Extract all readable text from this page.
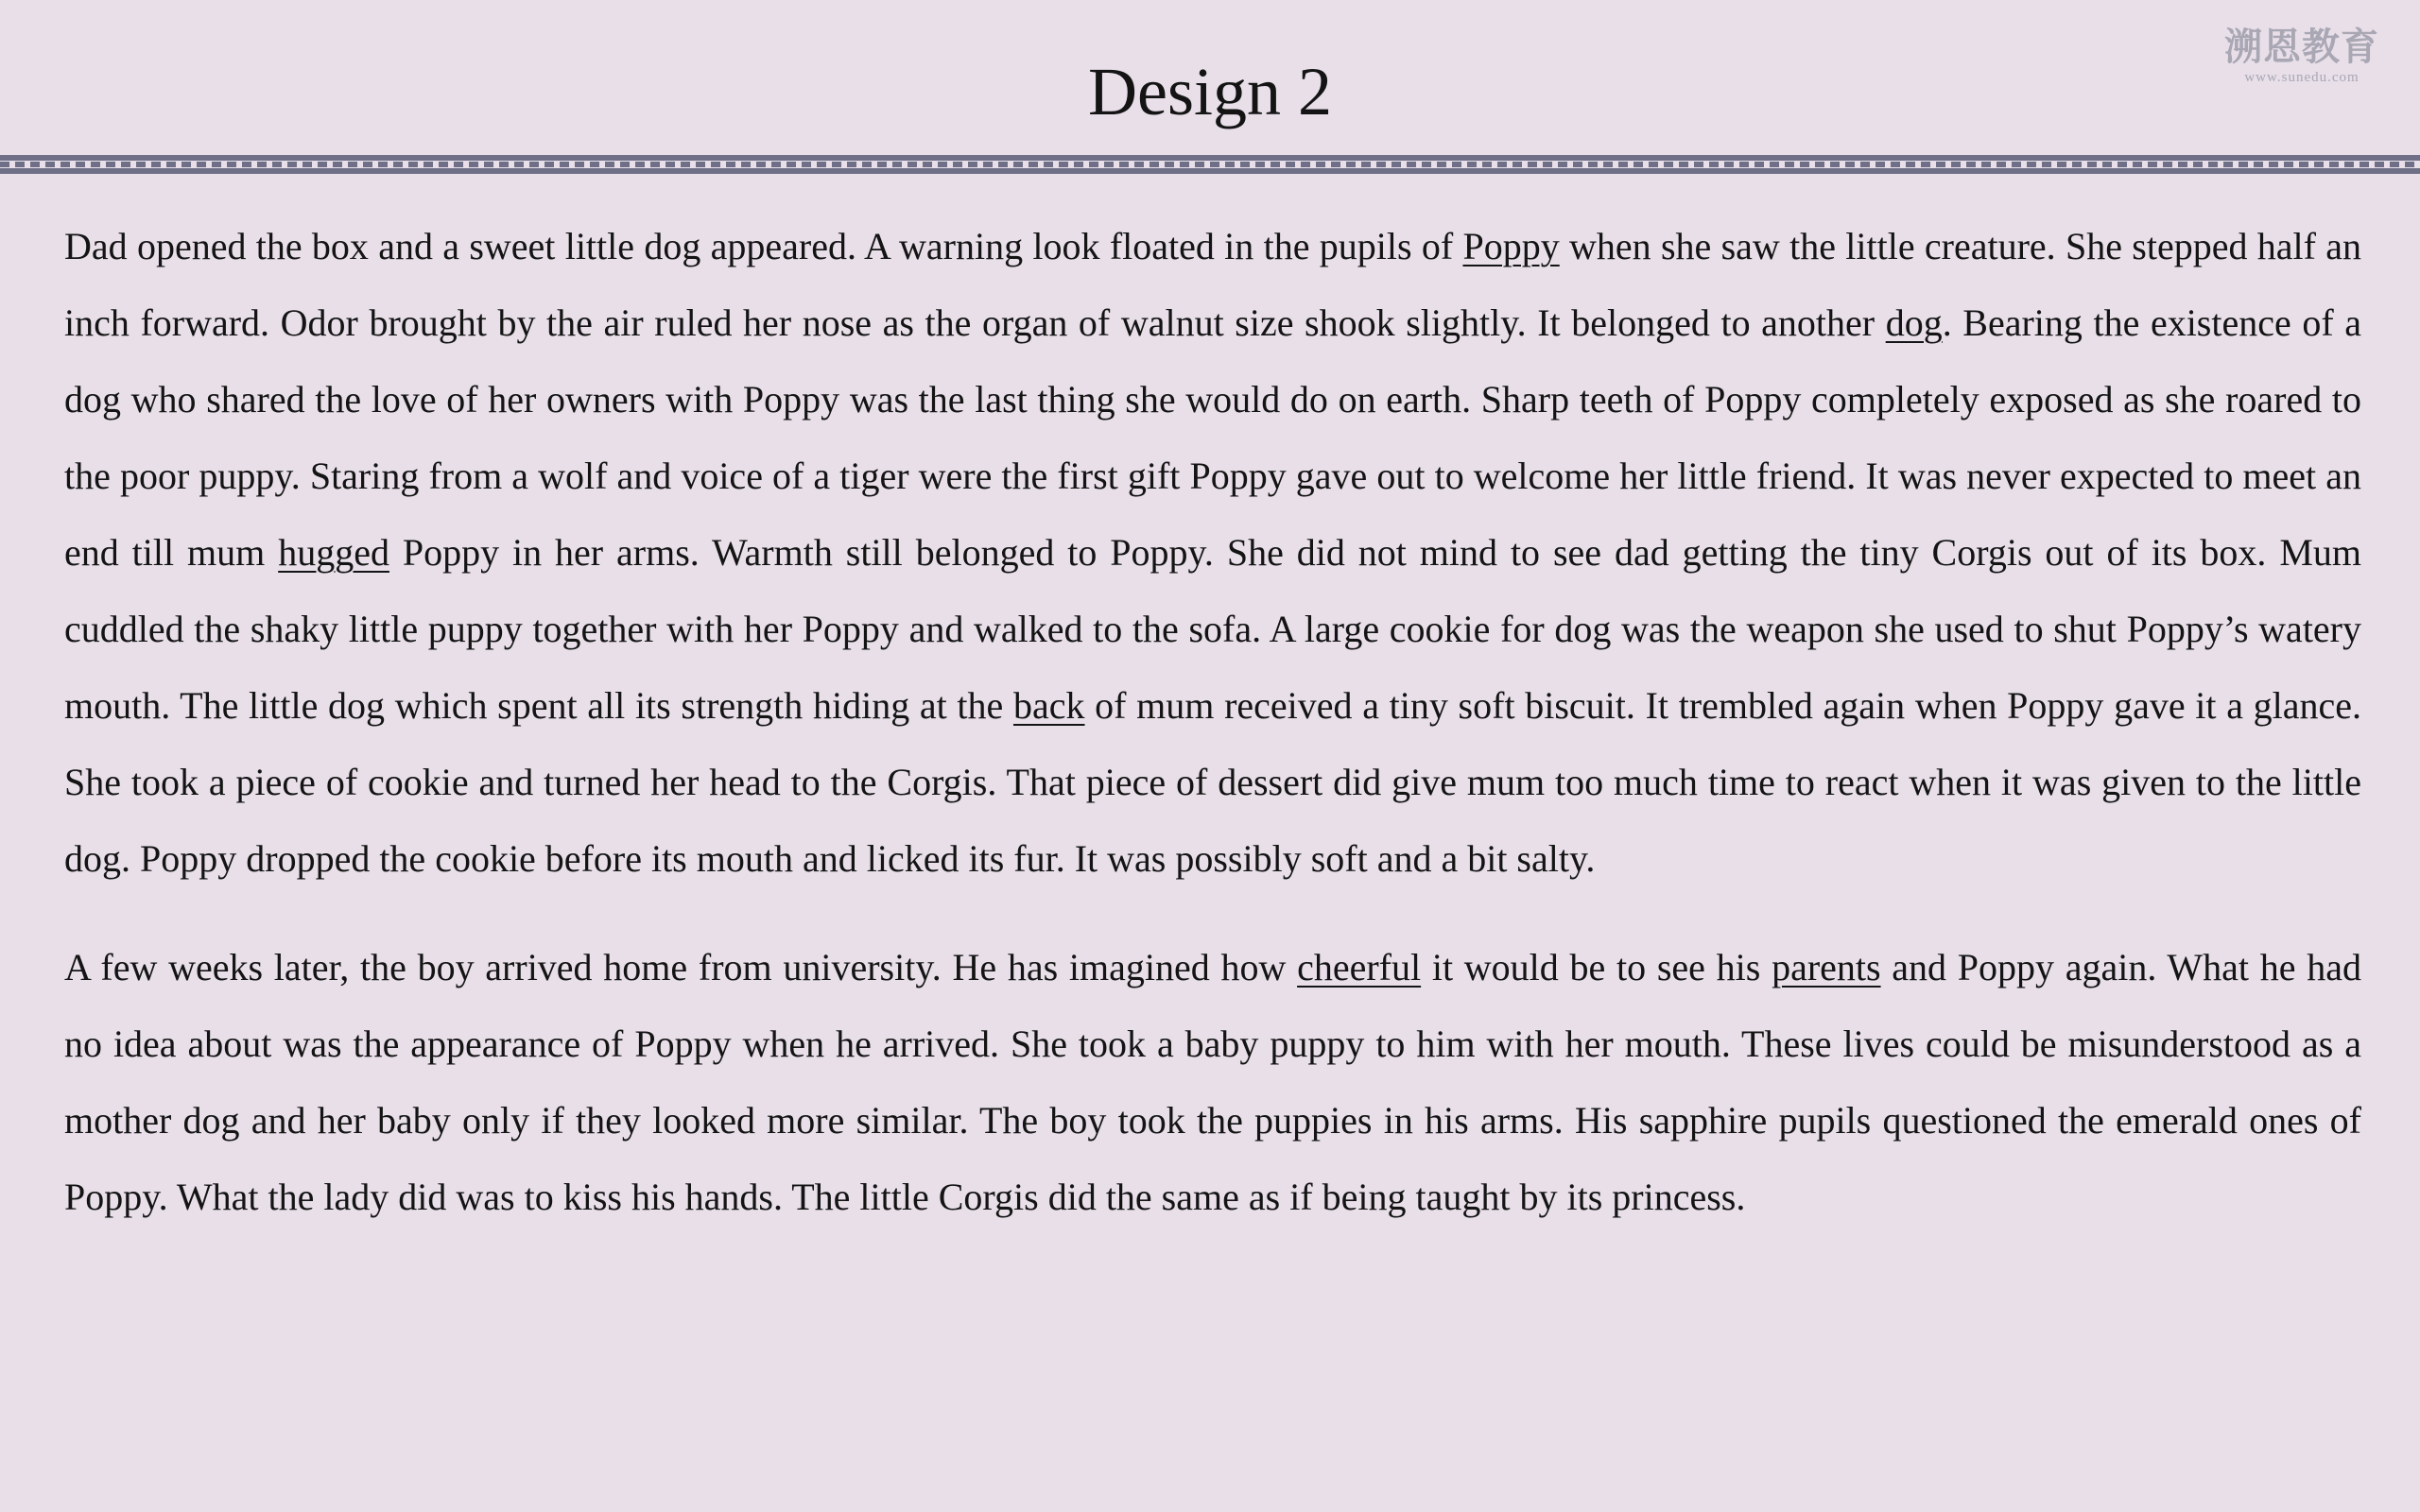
Design 2
溯恩教育
www.sunedu.com

Dad opened the box and a sweet little dog appeared. A warning look floated in the pupils of Poppy when she saw the little creature. She stepped half an inch forward. Odor brought by the air ruled her nose as the organ of walnut size shook slightly. It belonged to another dog. Bearing the existence of a dog who shared the love of her owners with Poppy was the last thing she would do on earth. Sharp teeth of Poppy completely exposed as she roared to the poor puppy. Staring from a wolf and voice of a tiger were the first gift Poppy gave out to welcome her little friend. It was never expected to meet an end till mum hugged Poppy in her arms. Warmth still belonged to Poppy. She did not mind to see dad getting the tiny Corgis out of its box. Mum cuddled the shaky little puppy together with her Poppy and walked to the sofa. A large cookie for dog was the weapon she used to shut Poppy’s watery mouth. The little dog which spent all its strength hiding at the back of mum received a tiny soft biscuit. It trembled again when Poppy gave it a glance. She took a piece of cookie and turned her head to the Corgis. That piece of dessert did give mum too much time to react when it was given to the little dog. Poppy dropped the cookie before its mouth and licked its fur. It was possibly soft and a bit salty.

A few weeks later, the boy arrived home from university. He has imagined how cheerful it would be to see his parents and Poppy again. What he had no idea about was the appearance of Poppy when he arrived. She took a baby puppy to him with her mouth. These lives could be misunderstood as a mother dog and her baby only if they looked more similar. The boy took the puppies in his arms. His sapphire pupils questioned the emerald ones of Poppy. What the lady did was to kiss his hands. The little Corgis did the same as if being taught by its princess.
